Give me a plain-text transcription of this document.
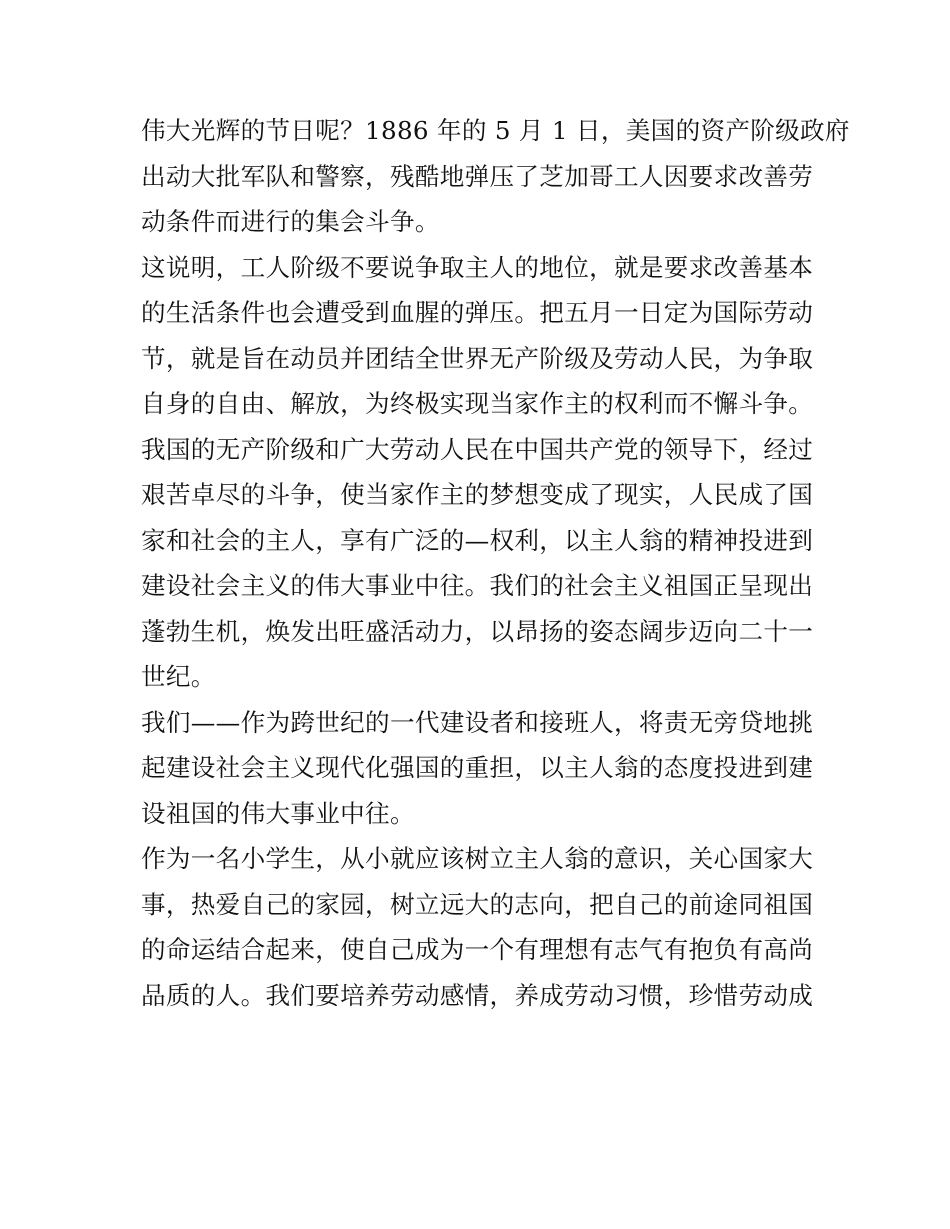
伟大光辉的节日呢？1886 年的 5 月 1 日，美国的资产阶级政府
出动大批军队和警察，残酷地弹压了芝加哥工人因要求改善劳
动条件而进行的集会斗争。
这说明，工人阶级不要说争取主人的地位，就是要求改善基本
的生活条件也会遭受到血腥的弹压。把五月一日定为国际劳动
节，就是旨在动员并团结全世界无产阶级及劳动人民，为争取
自身的自由、解放，为终极实现当家作主的权利而不懈斗争。
我国的无产阶级和广大劳动人民在中国共产党的领导下，经过
艰苦卓尽的斗争，使当家作主的梦想变成了现实，人民成了国
家和社会的主人，享有广泛的—权利，以主人翁的精神投进到
建设社会主义的伟大事业中往。我们的社会主义祖国正呈现出
蓬勃生机，焕发出旺盛活动力，以昂扬的姿态阔步迈向二十一
世纪。
我们——作为跨世纪的一代建设者和接班人，将责无旁贷地挑
起建设社会主义现代化强国的重担，以主人翁的态度投进到建
设祖国的伟大事业中往。
作为一名小学生，从小就应该树立主人翁的意识，关心国家大
事，热爱自己的家园，树立远大的志向，把自己的前途同祖国
的命运结合起来，使自己成为一个有理想有志气有抱负有高尚
品质的人。我们要培养劳动感情，养成劳动习惯，珍惜劳动成
